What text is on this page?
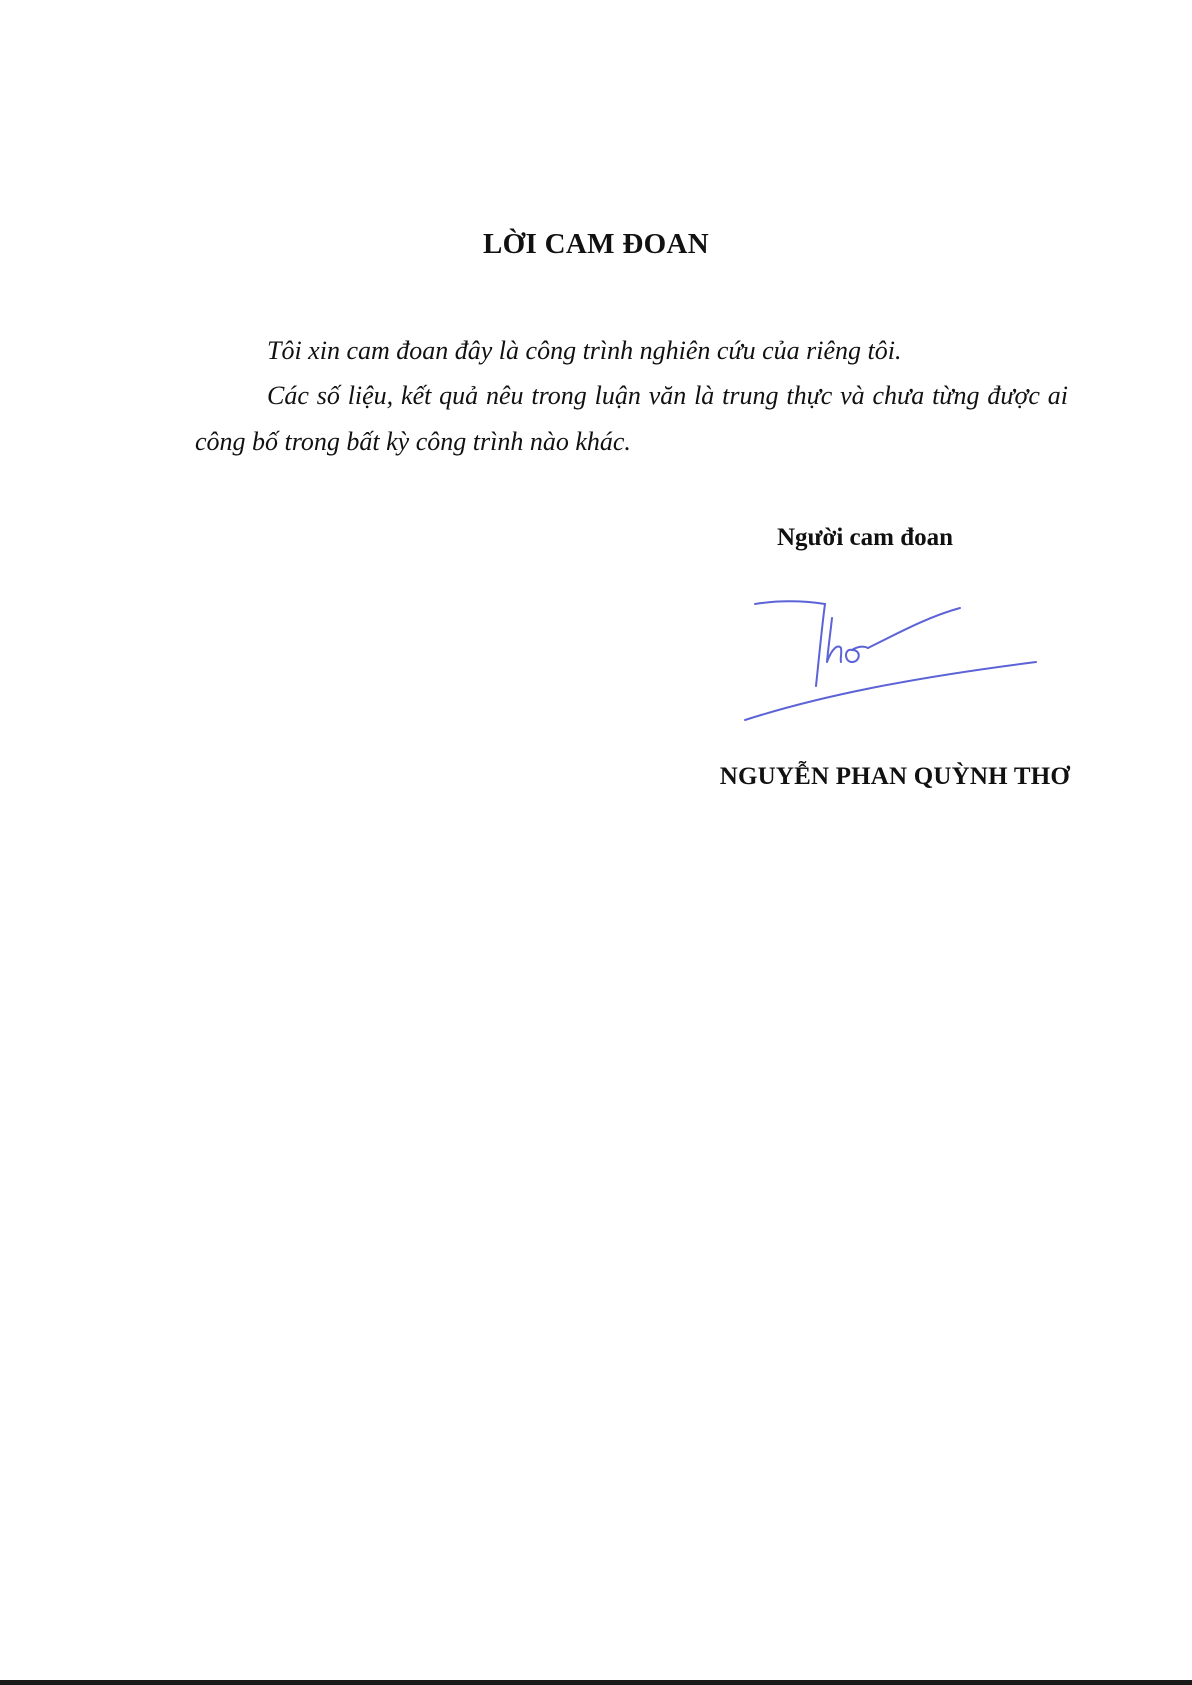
LỜI CAM ĐOAN
Tôi xin cam đoan đây là công trình nghiên cứu của riêng tôi.
Các số liệu, kết quả nêu trong luận văn là trung thực và chưa từng được ai công bố trong bất kỳ công trình nào khác.
Người cam đoan
NGUYỄN PHAN QUỲNH THƠ
